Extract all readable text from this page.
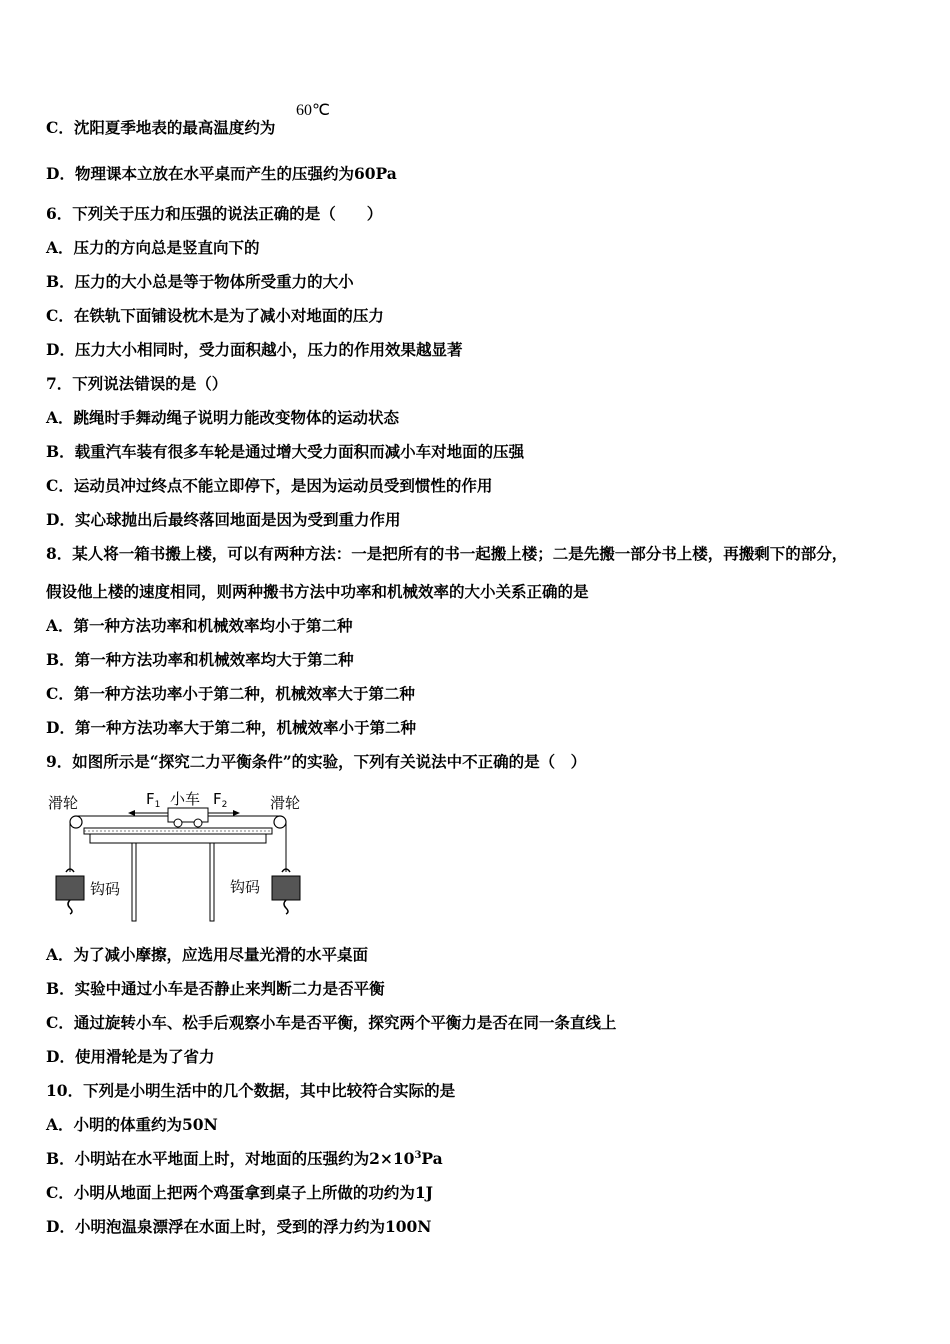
C．沈阳夏季地表的最高温度约为
60℃
D．物理课本立放在水平桌而产生的压强约为60Pa
6．下列关于压力和压强的说法正确的是（　　）
A．压力的方向总是竖直向下的
B．压力的大小总是等于物体所受重力的大小
C．在铁轨下面铺设枕木是为了减小对地面的压力
D．压力大小相同时，受力面积越小，压力的作用效果越显著
7．下列说法错误的是（）
A．跳绳时手舞动绳子说明力能改变物体的运动状态
B．载重汽车装有很多车轮是通过增大受力面积而减小车对地面的压强
C．运动员冲过终点不能立即停下，是因为运动员受到惯性的作用
D．实心球抛出后最终落回地面是因为受到重力作用
8．某人将一箱书搬上楼，可以有两种方法：一是把所有的书一起搬上楼；二是先搬一部分书上楼，再搬剩下的部分，
假设他上楼的速度相同，则两种搬书方法中功率和机械效率的大小关系正确的是
A．第一种方法功率和机械效率均小于第二种
B．第一种方法功率和机械效率均大于第二种
C．第一种方法功率小于第二种，机械效率大于第二种
D．第一种方法功率大于第二种，机械效率小于第二种
9．如图所示是“探究二力平衡条件”的实验，下列有关说法中不正确的是（　）
滑轮	滑轮
小车
$F_1$	$F_2$
钩码	钩码
A．为了减小摩擦，应选用尽量光滑的水平桌面
B．实验中通过小车是否静止来判断二力是否平衡
C．通过旋转小车、松手后观察小车是否平衡，探究两个平衡力是否在同一条直线上
D．使用滑轮是为了省力
10．下列是小明生活中的几个数据，其中比较符合实际的是
A．小明的体重约为50N
B．小明站在水平地面上时，对地面的压强约为$2\times 10^3Pa$
C．小明从地面上把两个鸡蛋拿到桌子上所做的功约为1J
D．小明泡温泉漂浮在水面上时，受到的浮力约为100N
